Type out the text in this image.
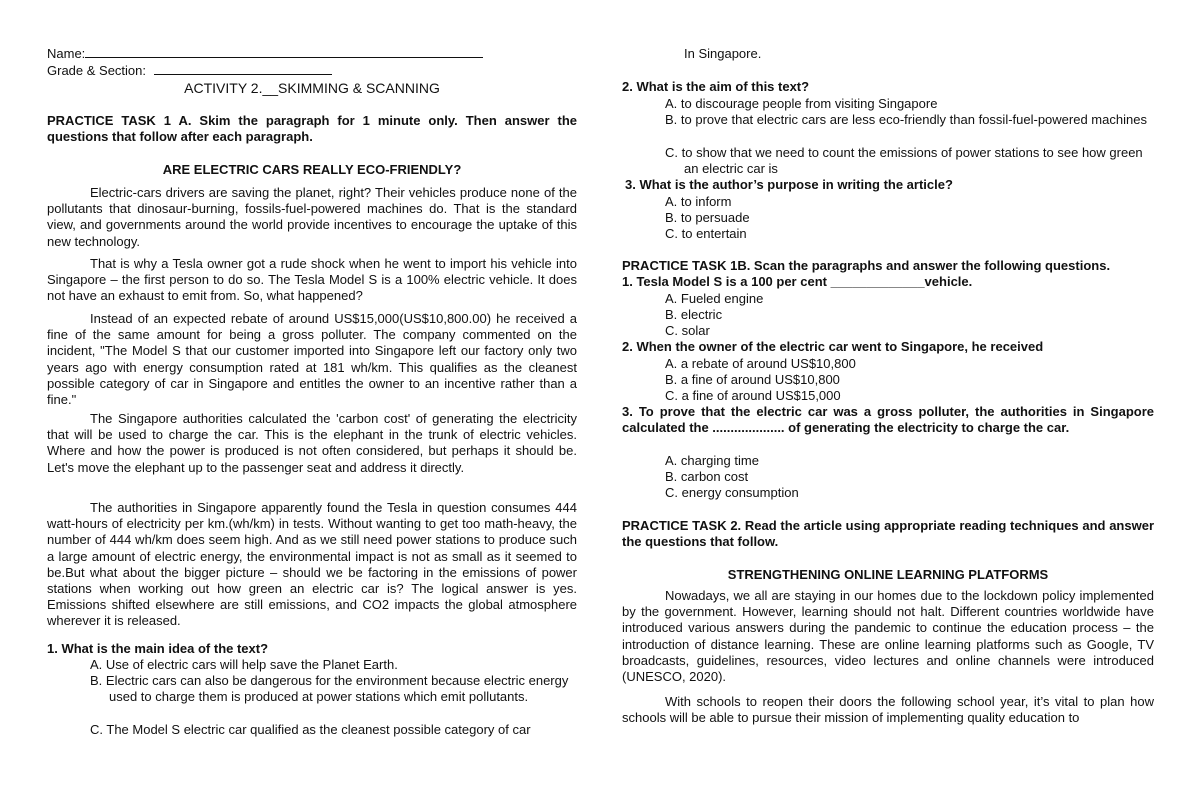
Name:
Grade & Section:
ACTIVITY 2.__SKIMMING & SCANNING

PRACTICE TASK 1 A. Skim the paragraph for 1 minute only. Then answer the questions that follow after each paragraph.

ARE ELECTRIC CARS REALLY ECO-FRIENDLY?

Electric-cars drivers are saving the planet, right? Their vehicles produce none of the pollutants that dinosaur-burning, fossils-fuel-powered machines do. That is the standard view, and governments around the world provide incentives to encourage the uptake of this new technology.

That is why a Tesla owner got a rude shock when he went to import his vehicle into Singapore – the first person to do so. The Tesla Model S is a 100% electric vehicle. It does not have an exhaust to emit from. So, what happened?

Instead of an expected rebate of around US$15,000(US$10,800.00) he received a fine of the same amount for being a gross polluter. The company commented on the incident, "The Model S that our customer imported into Singapore left our factory only two years ago with energy consumption rated at 181 wh/km. This qualifies as the cleanest possible category of car in Singapore and entitles the owner to an incentive rather than a fine."

The Singapore authorities calculated the 'carbon cost' of generating the electricity that will be used to charge the car. This is the elephant in the trunk of electric vehicles. Where and how the power is produced is not often considered, but perhaps it should be. Let's move the elephant up to the passenger seat and address it directly.

The authorities in Singapore apparently found the Tesla in question consumes 444 watt-hours of electricity per km.(wh/km) in tests. Without wanting to get too math-heavy, the number of 444 wh/km does seem high. And as we still need power stations to produce such a large amount of electric energy, the environmental impact is not as small as it seemed to be.But what about the bigger picture – should we be factoring in the emissions of power stations when working out how green an electric car is? The logical answer is yes. Emissions shifted elsewhere are still emissions, and CO2 impacts the global atmosphere wherever it is released.

1. What is the main idea of the text?

A. Use of electric cars will help save the Planet Earth.

B. Electric cars can also be dangerous for the environment because electric energy used to charge them is produced at power stations which emit pollutants.

C. The Model S electric car qualified as the cleanest possible category of car

In Singapore.

2. What is the aim of this text?

A. to discourage people from visiting Singapore

B. to prove that electric cars are less eco-friendly than fossil-fuel-powered machines

C. to show that we need to count the emissions of power stations to see how green an electric car is

3. What is the author’s purpose in writing the article?

A. to inform

B. to persuade

C. to entertain

PRACTICE TASK 1B. Scan the paragraphs and answer the following questions.

1. Tesla Model S is a 100 per cent _____________vehicle.

A. Fueled engine

B. electric

C. solar

2. When the owner of the electric car went to Singapore, he received

A. a rebate of around US$10,800

B. a fine of around US$10,800

C. a fine of around US$15,000

3. To prove that the electric car was a gross polluter, the authorities in Singapore calculated the .................... of generating the electricity to charge the car.

A. charging time

B. carbon cost

C. energy consumption

PRACTICE TASK 2. Read the article using appropriate reading techniques and answer the questions that follow.

STRENGTHENING ONLINE LEARNING PLATFORMS

Nowadays, we all are staying in our homes due to the lockdown policy implemented by the government. However, learning should not halt. Different countries worldwide have introduced various answers during the pandemic to continue the education process – the introduction of distance learning. These are online learning platforms such as Google, TV broadcasts, guidelines, resources, video lectures and online channels were introduced (UNESCO, 2020).

With schools to reopen their doors the following school year, it’s vital to plan how schools will be able to pursue their mission of implementing quality education to
